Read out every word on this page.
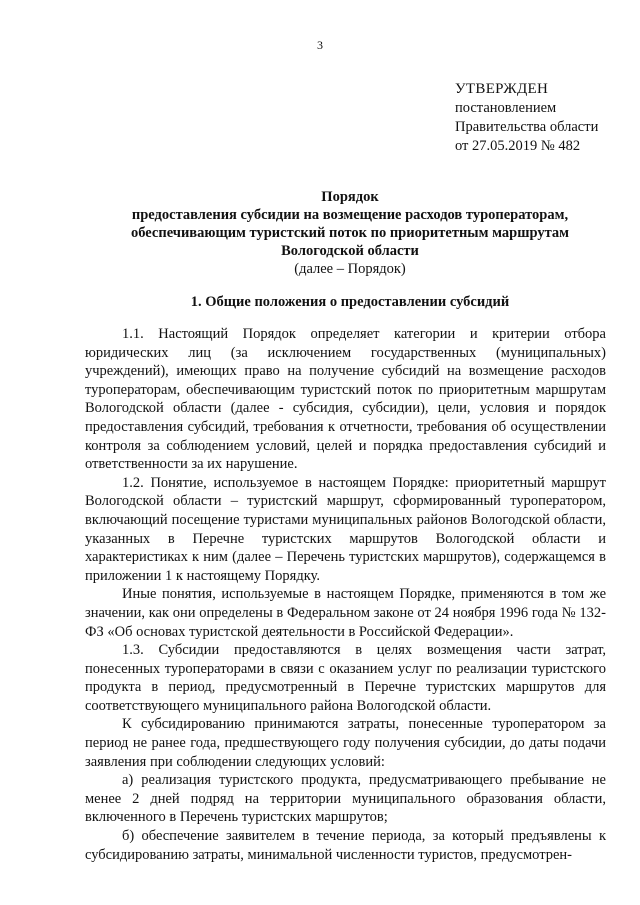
3
УТВЕРЖДЕН
постановлением
Правительства области
от 27.05.2019 № 482
Порядок
предоставления субсидии на возмещение расходов туроператорам, обеспечивающим туристский поток по приоритетным маршрутам Вологодской области
(далее – Порядок)
1. Общие положения о предоставлении субсидий

1.1. Настоящий Порядок определяет категории и критерии отбора юридических лиц (за исключением государственных (муниципальных) учреждений), имеющих право на получение субсидий на возмещение расходов туроператорам, обеспечивающим туристский поток по приоритетным маршрутам Вологодской области (далее - субсидия, субсидии), цели, условия и порядок предоставления субсидий, требования к отчетности, требования об осуществлении контроля за соблюдением условий, целей и порядка предоставления субсидий и ответственности за их нарушение.

1.2. Понятие, используемое в настоящем Порядке: приоритетный маршрут Вологодской области – туристский маршрут, сформированный туроператором, включающий посещение туристами муниципальных районов Вологодской области, указанных в Перечне туристских маршрутов Вологодской области и характеристиках к ним (далее – Перечень туристских маршрутов), содержащемся в приложении 1 к настоящему Порядку.

Иные понятия, используемые в настоящем Порядке, применяются в том же значении, как они определены в Федеральном законе от 24 ноября 1996 года № 132-ФЗ «Об основах туристской деятельности в Российской Федерации».

1.3. Субсидии предоставляются в целях возмещения части затрат, понесенных туроператорами в связи с оказанием услуг по реализации туристского продукта в период, предусмотренный в Перечне туристских маршрутов для соответствующего муниципального района Вологодской области.

К субсидированию принимаются затраты, понесенные туроператором за период не ранее года, предшествующего году получения субсидии, до даты подачи заявления при соблюдении следующих условий:

а) реализация туристского продукта, предусматривающего пребывание не менее 2 дней подряд на территории муниципального образования области, включенного в Перечень туристских маршрутов;

б) обеспечение заявителем в течение периода, за который предъявлены к субсидированию затраты, минимальной численности туристов, предусмотрен-
